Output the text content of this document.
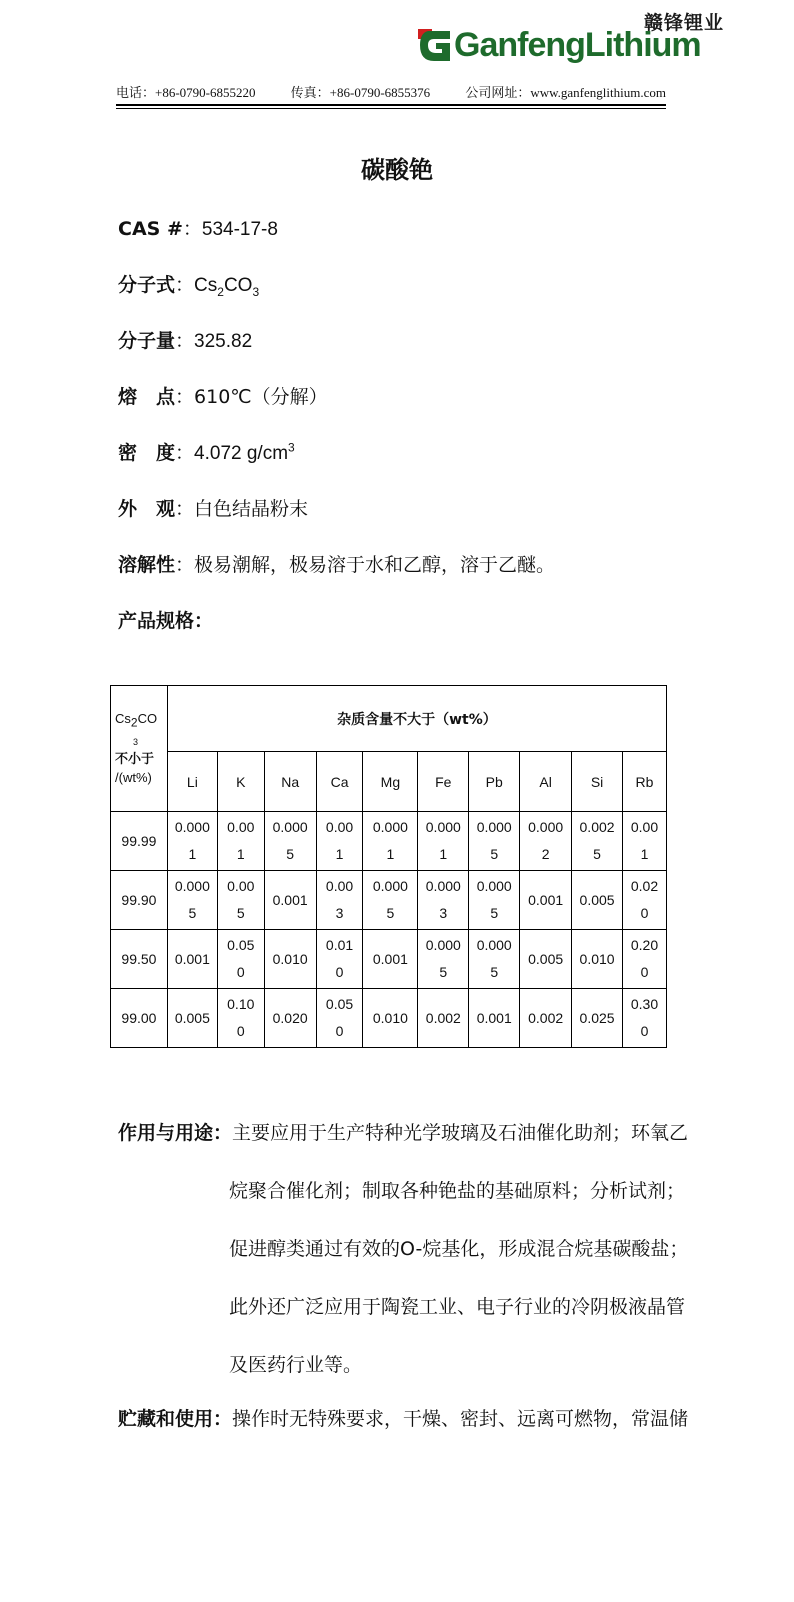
赣锋锂业
GanfengLithium
电话：+86-0790-6855220	传真：+86-0790-6855376	公司网址：www.ganfenglithium.com
碳酸铯
CAS #：534-17-8
分子式：$Cs_2CO_3$
分子量：325.82
熔　点：610℃（分解）
密　度：4.072 $g/cm^3$
外　观：白色结晶粉末
溶解性：极易潮解，极易溶于水和乙醇，溶于乙醚。
产品规格：
$Cs_2CO$
3
不小于
/(wt%)	杂质含量不大于（wt%）									
	Li	K	Na	Ca	Mg	Fe	Pb	Al	Si	Rb
99.99	0.0001	0.001	0.0005	0.001	0.0001	0.0001	0.0005	0.0002	0.0025	0.001
99.90	0.0005	0.005	0.001	0.003	0.0005	0.0003	0.0005	0.001	0.005	0.020
99.50	0.001	0.050	0.010	0.010	0.001	0.0005	0.0005	0.005	0.010	0.200
99.00	0.005	0.100	0.020	0.050	0.010	0.002	0.001	0.002	0.025	0.300
作用与用途：主要应用于生产特种光学玻璃及石油催化助剂；环氧乙
烷聚合催化剂；制取各种铯盐的基础原料；分析试剂；
促进醇类通过有效的O-烷基化，形成混合烷基碳酸盐；
此外还广泛应用于陶瓷工业、电子行业的冷阴极液晶管
及医药行业等。
贮藏和使用：操作时无特殊要求，干燥、密封、远离可燃物，常温储
